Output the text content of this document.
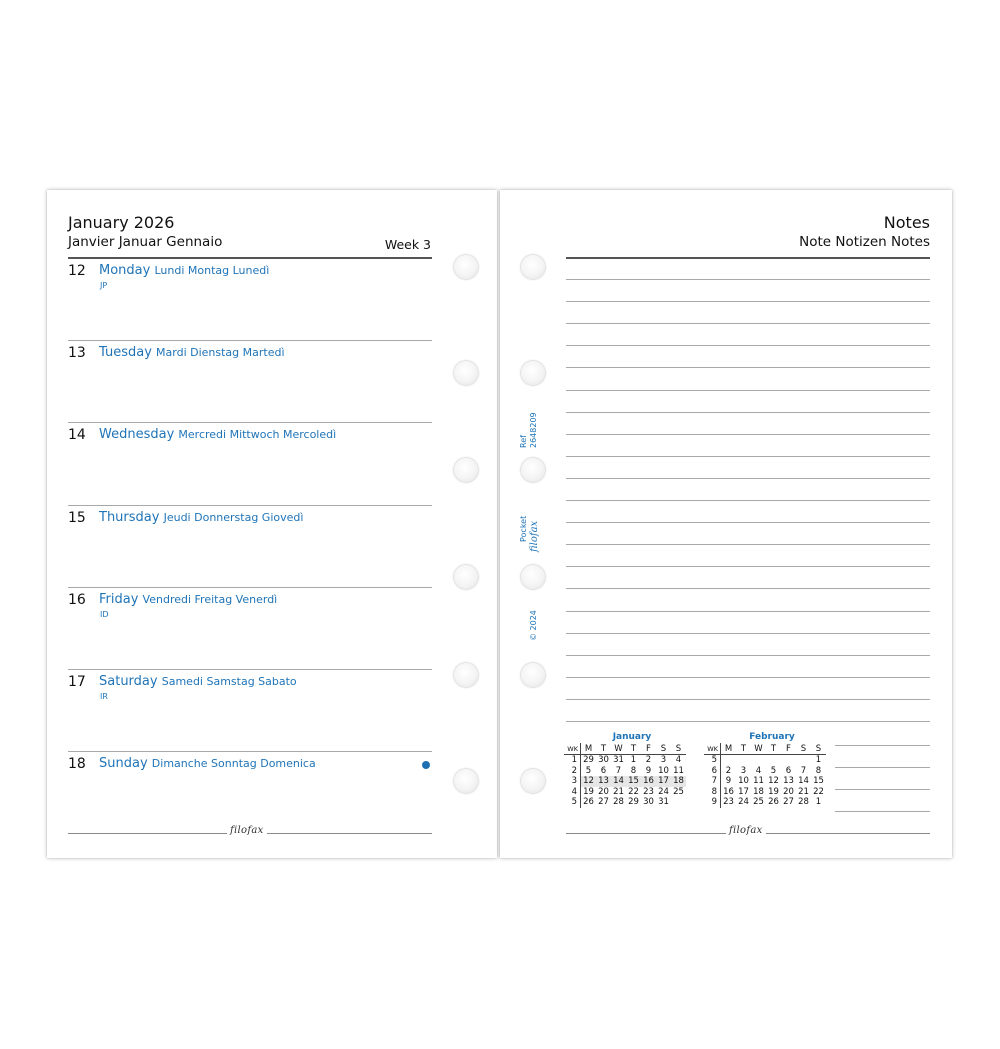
January 2026
Janvier Januar Gennaio	Week 3
12 Monday Lundi Montag Lunedì
JP
13 Tuesday Mardi Dienstag Martedì
14 Wednesday Mercredi Mittwoch Mercoledì
15 Thursday Jeudi Donnerstag Giovedì
16 Friday Vendredi Freitag Venerdì
ID
17 Saturday Samedi Samstag Sabato
IR
18 Sunday Dimanche Sonntag Domenica
filofax
Notes
Note Notizen Notes
Ref 2648209
Pocket filofax
© 2024
January
WK	M	T	W	T	F	S	S
1	29	30	31	1	2	3	4
2	5	6	7	8	9	10	11
3	12	13	14	15	16	17	18
4	19	20	21	22	23	24	25
5	26	27	28	29	30	31	
February
WK	M	T	W	T	F	S	S
5							1
6	2	3	4	5	6	7	8
7	9	10	11	12	13	14	15
8	16	17	18	19	20	21	22
9	23	24	25	26	27	28	1
filofax
